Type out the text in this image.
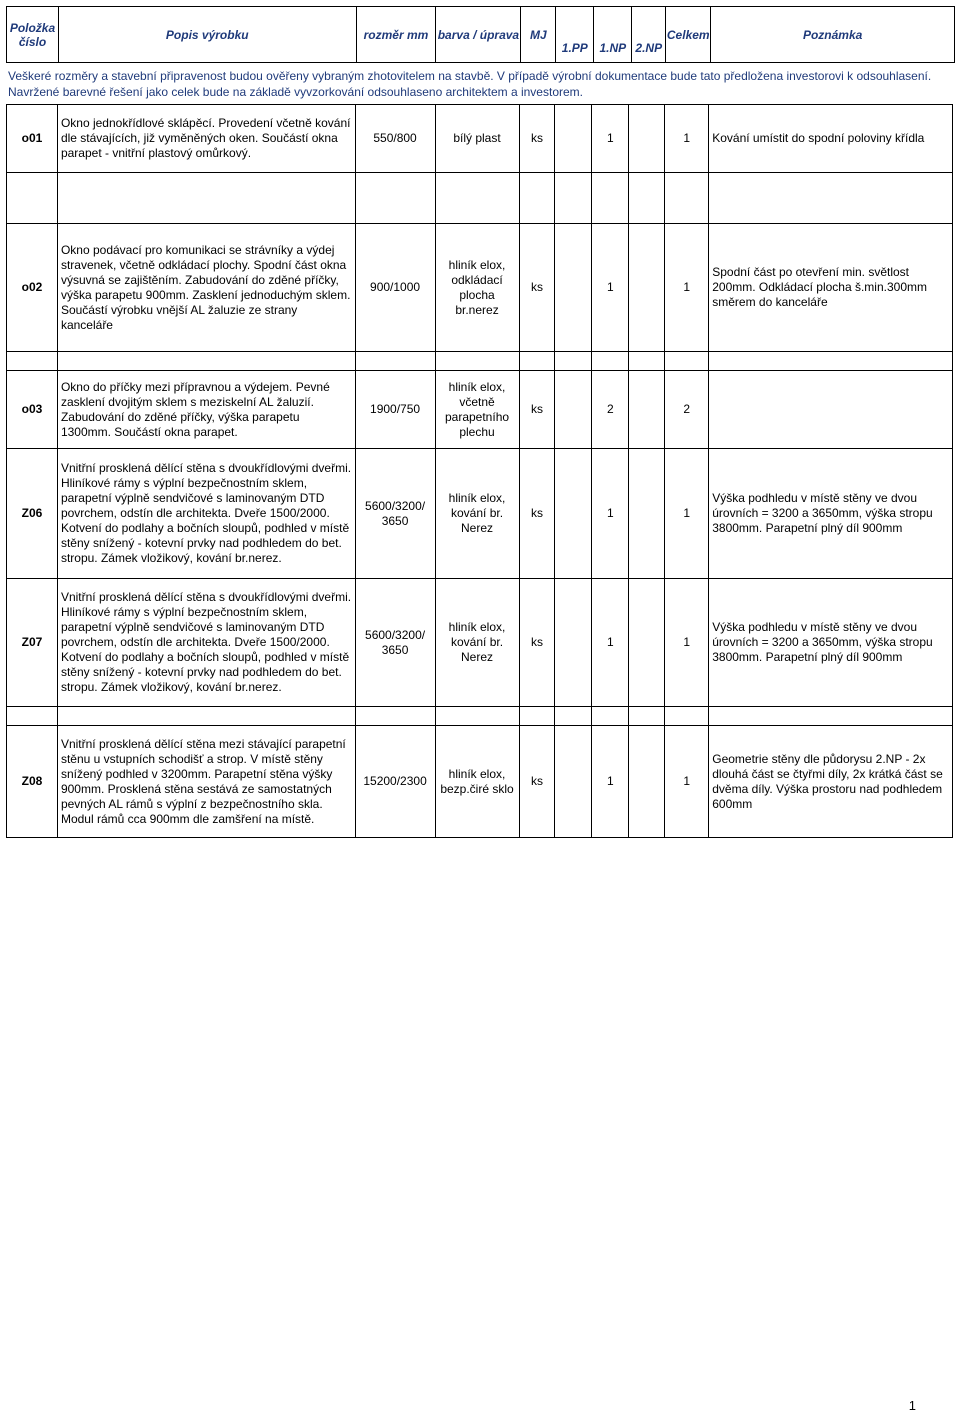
Položka
číslo	Popis výrobku	rozměr mm	barva / úprava	MJ				Celkem	Poznámka
					1.PP	1.NP	2.NP		
Veškeré rozměry a stavební připravenost budou ověřeny vybraným zhotovitelem na stavbě. V případě výrobní dokumentace bude tato předložena investorovi k odsouhlasení.
Navržené barevné řešení jako celek bude na základě vyvzorkování odsouhlaseno architektem a investorem.
o01	Okno jednokřídlové sklápěcí. Provedení včetně kování dle stávajících, již vyměněných oken. Součástí okna parapet - vnitřní plastový omůrkový.	550/800	bílý plast	ks		1		1	Kování umístit do spodní poloviny křídla

o02	Okno podávací pro komunikaci se strávníky a výdej stravenek, včetně odkládací plochy. Spodní část okna výsuvná se zajištěním. Zabudování do zděné příčky, výška parapetu 900mm. Zasklení jednoduchým sklem. Součástí výrobku vnější AL žaluzie ze strany kanceláře	900/1000	hliník elox, odkládací plocha br.nerez	ks		1		1	Spodní část po otevření min. světlost 200mm. Odkládací plocha š.min.300mm směrem do kanceláře

o03	Okno do příčky mezi přípravnou a výdejem. Pevné zasklení dvojitým sklem s meziskelní AL žaluzií. Zabudování do zděné příčky, výška parapetu 1300mm. Součástí okna parapet.	1900/750	hliník elox, včetně parapetního plechu	ks		2		2	
Z06	Vnitřní prosklená dělící stěna s dvoukřídlovými dveřmi. Hliníkové rámy s výplní bezpečnostním sklem, parapetní výplně sendvičové s laminovaným DTD povrchem, odstín dle architekta. Dveře 1500/2000. Kotvení do podlahy a bočních sloupů, podhled v místě stěny snížený - kotevní prvky nad podhledem do bet. stropu. Zámek vložikový, kování br.nerez.	5600/3200/ 3650	hliník elox, kování br. Nerez	ks		1		1	Výška podhledu v místě stěny ve dvou úrovních = 3200 a 3650mm, výška stropu 3800mm. Parapetní plný díl 900mm
Z07	Vnitřní prosklená dělící stěna s dvoukřídlovými dveřmi. Hliníkové rámy s výplní bezpečnostním sklem, parapetní výplně sendvičové s laminovaným DTD povrchem, odstín dle architekta. Dveře 1500/2000. Kotvení do podlahy a bočních sloupů, podhled v místě stěny snížený - kotevní prvky nad podhledem do bet. stropu. Zámek vložikový, kování br.nerez.	5600/3200/ 3650	hliník elox, kování br. Nerez	ks		1		1	Výška podhledu v místě stěny ve dvou úrovních = 3200 a 3650mm, výška stropu 3800mm. Parapetní plný díl 900mm

Z08	Vnitřní prosklená dělící stěna mezi stávající parapetní stěnu u vstupních schodišť a strop. V místě stěny snížený podhled v 3200mm. Parapetní stěna výšky 900mm. Prosklená stěna sestává ze samostatných pevných AL rámů s výplní z bezpečnostního skla. Modul rámů cca 900mm dle zamšření na místě.	15200/2300	hliník elox, bezp.čiré sklo	ks		1		1	Geometrie stěny dle půdorysu 2.NP - 2x dlouhá část se čtyřmi díly, 2x krátká část se dvěma díly. Výška prostoru nad podhledem 600mm
1
